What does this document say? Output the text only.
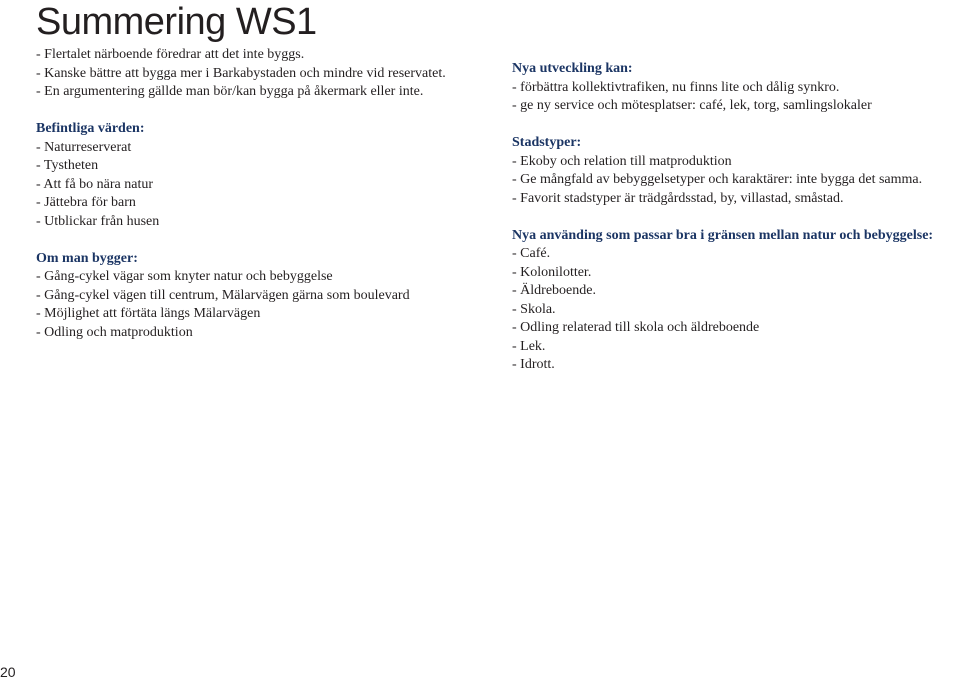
Summering WS1
- Flertalet närboende föredrar att det inte byggs.
- Kanske bättre att bygga mer i Barkabystaden och mindre vid reservatet.
- En argumentering gällde man bör/kan bygga på åkermark eller inte.
Befintliga värden:
- Naturreserverat
- Tystheten
- Att få bo nära natur
- Jättebra för barn
- Utblickar från husen
Om man bygger:
- Gång-cykel vägar som knyter natur och bebyggelse
- Gång-cykel vägen till centrum, Mälarvägen gärna som boulevard
- Möjlighet att förtäta längs Mälarvägen
- Odling och matproduktion
Nya utveckling kan:
- förbättra kollektivtrafiken, nu finns lite och dålig synkro.
- ge ny service och mötesplatser: café, lek, torg, samlingslokaler
Stadstyper:
- Ekoby och relation till matproduktion
- Ge mångfald av bebyggelsetyper och karaktärer: inte bygga det samma.
- Favorit stadstyper är trädgårdsstad, by, villastad, småstad.
Nya använding som passar bra i gränsen mellan natur och bebyggelse:
- Café.
- Kolonilotter.
- Äldreboende.
- Skola.
- Odling relaterad till skola och äldreboende
- Lek.
- Idrott.
20
